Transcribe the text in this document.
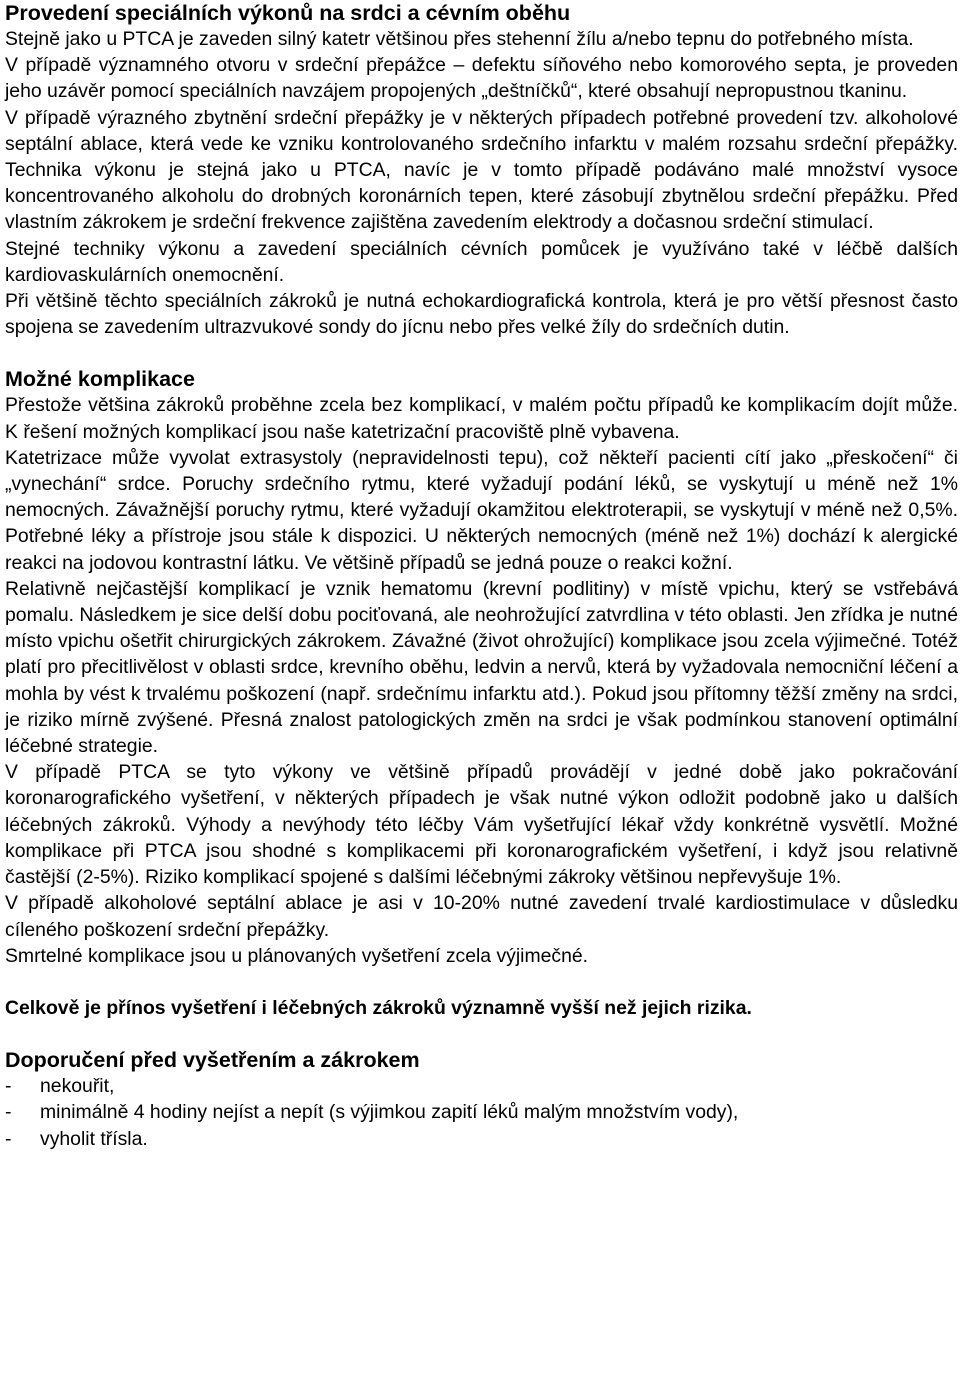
Provedení speciálních výkonů na srdci a cévním oběhu

Stejně jako u PTCA je zaveden silný katetr většinou přes stehenní žílu a/nebo tepnu do potřebného místa.

V případě významného otvoru v srdeční přepážce – defektu síňového nebo komorového septa, je proveden jeho uzávěr pomocí speciálních navzájem propojených „deštníčků“, které obsahují nepropustnou tkaninu.

V případě výrazného zbytnění srdeční přepážky je v některých případech potřebné provedení tzv. alkoholové septální ablace, která vede ke vzniku kontrolovaného srdečního infarktu v malém rozsahu srdeční přepážky. Technika výkonu je stejná jako u PTCA, navíc je v tomto případě podáváno malé množství vysoce koncentrovaného alkoholu do drobných koronárních tepen, které zásobují zbytnělou srdeční přepážku. Před vlastním zákrokem je srdeční frekvence zajištěna zavedením elektrody a dočasnou srdeční stimulací.

Stejné techniky výkonu a zavedení speciálních cévních pomůcek je využíváno také v léčbě dalších kardiovaskulárních onemocnění.

Při většině těchto speciálních zákroků je nutná echokardiografická kontrola, která je pro větší přesnost často spojena se zavedením ultrazvukové sondy do jícnu nebo přes velké žíly do srdečních dutin.

Možné komplikace

Přestože většina zákroků proběhne zcela bez komplikací, v malém počtu případů ke komplikacím dojít může. K řešení možných komplikací jsou naše katetrizační pracoviště plně vybavena.

Katetrizace může vyvolat extrasystoly (nepravidelnosti tepu), což někteří pacienti cítí jako „přeskočení“ či „vynechání“ srdce. Poruchy srdečního rytmu, které vyžadují podání léků, se vyskytují u méně než 1% nemocných. Závažnější poruchy rytmu, které vyžadují okamžitou elektroterapii, se vyskytují v méně než 0,5%. Potřebné léky a přístroje jsou stále k dispozici. U některých nemocných (méně než 1%) dochází k alergické reakci na jodovou kontrastní látku. Ve většině případů se jedná pouze o reakci kožní.

Relativně nejčastější komplikací je vznik hematomu (krevní podlitiny) v místě vpichu, který se vstřebává pomalu. Následkem je sice delší dobu pociťovaná, ale neohrožující zatvrdlina v této oblasti. Jen zřídka je nutné místo vpichu ošetřit chirurgických zákrokem. Závažné (život ohrožující) komplikace jsou zcela výjimečné. Totéž platí pro přecitlivělost v oblasti srdce, krevního oběhu, ledvin a nervů, která by vyžadovala nemocniční léčení a mohla by vést k trvalému poškození (např. srdečnímu infarktu atd.). Pokud jsou přítomny těžší změny na srdci, je riziko mírně zvýšené. Přesná znalost patologických změn na srdci je však podmínkou stanovení optimální léčebné strategie.

V případě PTCA se tyto výkony ve většině případů provádějí v jedné době jako pokračování koronarografického vyšetření, v některých případech je však nutné výkon odložit podobně jako u dalších léčebných zákroků. Výhody a nevýhody této léčby Vám vyšetřující lékař vždy konkrétně vysvětlí. Možné komplikace při PTCA jsou shodné s komplikacemi při koronarografickém vyšetření, i když jsou relativně častější (2-5%). Riziko komplikací spojené s dalšími léčebnými zákroky většinou nepřevyšuje 1%.

V případě alkoholové septální ablace je asi v 10-20% nutné zavedení trvalé kardiostimulace v důsledku cíleného poškození srdeční přepážky.

Smrtelné komplikace jsou u plánovaných vyšetření zcela výjimečné.

Celkově je přínos vyšetření i léčebných zákroků významně vyšší než jejich rizika.

Doporučení před vyšetřením a zákrokem
-	nekouřit,
-	minimálně 4 hodiny nejíst a nepít (s výjimkou zapití léků malým množstvím vody),
-	vyholit třísla.
